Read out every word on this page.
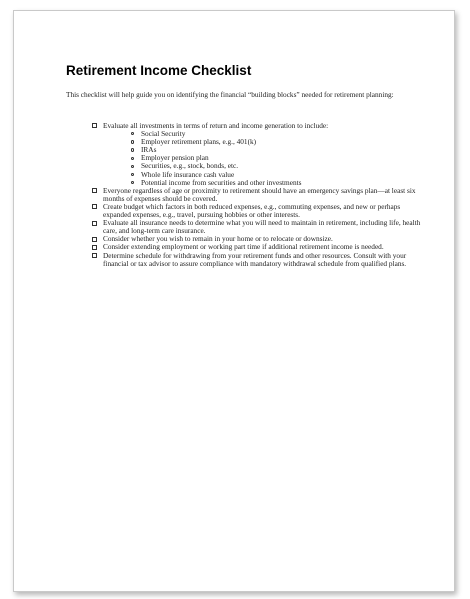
Retirement Income Checklist

This checklist will help guide you on identifying the financial “building blocks” needed for retirement planning:

Evaluate all investments in terms of return and income generation to include:
Social Security
Employer retirement plans, e.g., 401(k)
IRAs
Employer pension plan
Securities, e.g., stock, bonds, etc.
Whole life insurance cash value
Potential income from securities and other investments
Everyone regardless of age or proximity to retirement should have an emergency savings plan—at least six months of expenses should be covered.
Create budget which factors in both reduced expenses, e.g., commuting expenses, and new or perhaps expanded expenses, e.g., travel, pursuing hobbies or other interests.
Evaluate all insurance needs to determine what you will need to maintain in retirement, including life, health care, and long-term care insurance.
Consider whether you wish to remain in your home or to relocate or downsize.
Consider extending employment or working part time if additional retirement income is needed.
Determine schedule for withdrawing from your retirement funds and other resources. Consult with your financial or tax advisor to assure compliance with mandatory withdrawal schedule from qualified plans.
